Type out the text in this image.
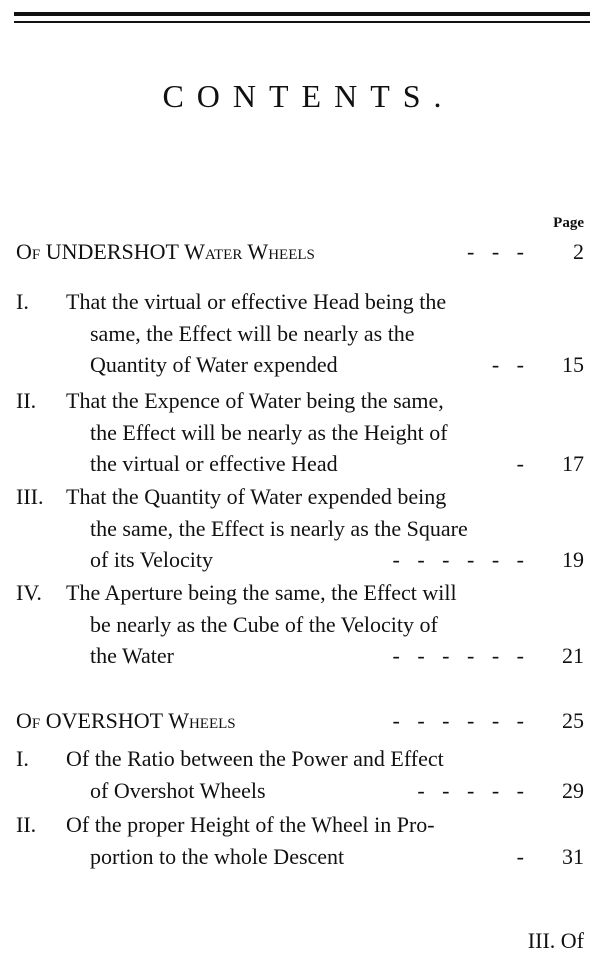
CONTENTS.
Page
Of UNDERSHOT Water Wheels	- - -	2
I. That the virtual or effective Head being the
same, the Effect will be nearly as the
Quantity of Water expended	- -	15
II. That the Expence of Water being the same,
the Effect will be nearly as the Height of
the virtual or effective Head	-	17
III. That the Quantity of Water expended being
the same, the Effect is nearly as the Square
of its Velocity	- - - - - -	19
IV. The Aperture being the same, the Effect will
be nearly as the Cube of the Velocity of
the Water	- - - - - -	21
Of OVERSHOT Wheels	- - - - - -	25
I. Of the Ratio between the Power and Effect
of Overshot Wheels	- - - - -	29
II. Of the proper Height of the Wheel in Pro-
portion to the whole Descent	-	31
III. Of
